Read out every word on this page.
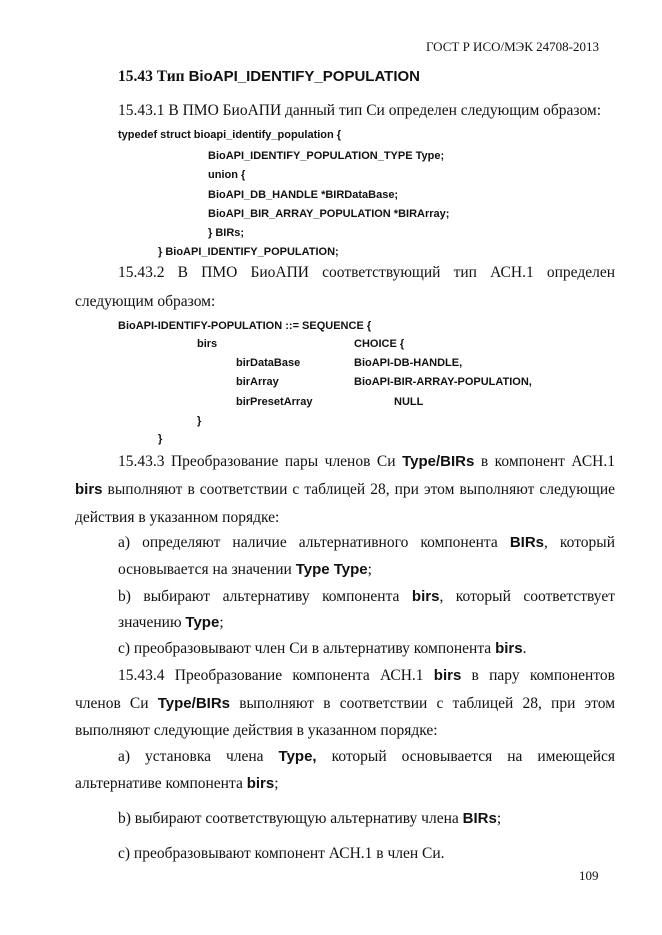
ГОСТ Р ИСО/МЭК 24708-2013
15.43 Тип BioAPI_IDENTIFY_POPULATION
15.43.1 В ПМО БиоАПИ данный тип Си определен следующим образом:
typedef struct bioapi_identify_population {
BioAPI_IDENTIFY_POPULATION_TYPE Type;
union {
BioAPI_DB_HANDLE *BIRDataBase;
BioAPI_BIR_ARRAY_POPULATION *BIRArray;
} BIRs;
} BioAPI_IDENTIFY_POPULATION;
15.43.2 В ПМО БиоАПИ соответствующий тип АСН.1 определен
следующим образом:
BioAPI-IDENTIFY-POPULATION ::= SEQUENCE {
birs	CHOICE {
birDataBase	BioAPI-DB-HANDLE,
birArray	BioAPI-BIR-ARRAY-POPULATION,
birPresetArray	NULL
}
}
15.43.3 Преобразование пары членов Си Type/BIRs в компонент АСН.1
birs выполняют в соответствии с таблицей 28, при этом выполняют следующие
действия в указанном порядке:
а) определяют наличие альтернативного компонента BIRs, который
основывается на значении Type Type;
b) выбирают альтернативу компонента birs, который соответствует
значению Type;
с) преобразовывают член Си в альтернативу компонента birs.
15.43.4 Преобразование компонента АСН.1 birs в пару компонентов
членов Си Type/BIRs выполняют в соответствии с таблицей 28, при этом
выполняют следующие действия в указанном порядке:
а) установка члена Type, который основывается на имеющейся
альтернативе компонента birs;
b) выбирают соответствующую альтернативу члена BIRs;
с) преобразовывают компонент АСН.1 в член Си.
109
